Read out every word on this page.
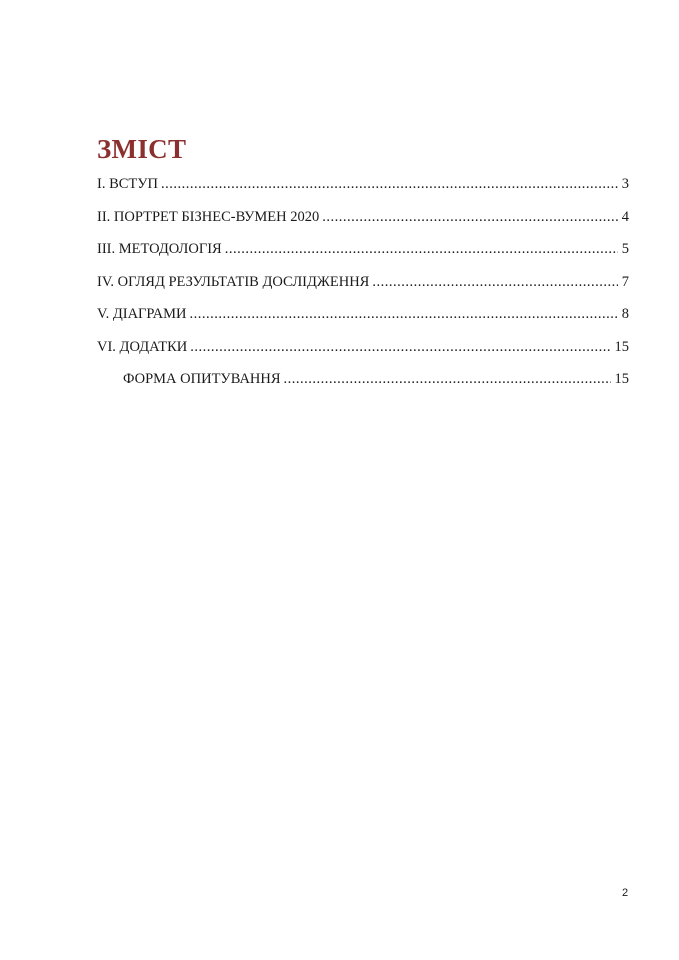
ЗМІСТ
I. ВСТУП .....	3
II. ПОРТРЕТ БІЗНЕС-ВУМЕН 2020 .....	4
III. МЕТОДОЛОГІЯ .....	5
IV. ОГЛЯД РЕЗУЛЬТАТІВ ДОСЛІДЖЕННЯ .....	7
V. ДІАГРАМИ .....	8
VI. ДОДАТКИ .....	15
ФОРМА ОПИТУВАННЯ .....	15
2
